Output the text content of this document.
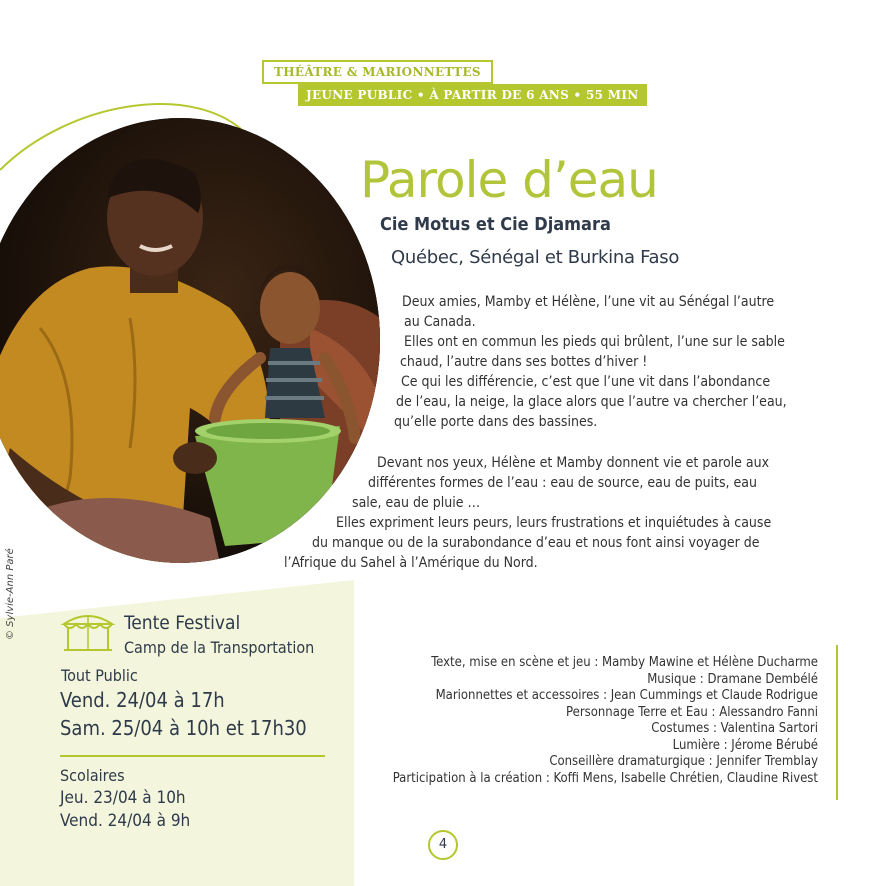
THÉÂTRE & MARIONNETTES
JEUNE PUBLIC • À PARTIR DE 6 ANS • 55 MIN
Parole d’eau
Cie Motus et Cie Djamara
Québec, Sénégal et Burkina Faso
Deux amies, Mamby et Hélène, l’une vit au Sénégal l’autre
au Canada.
Elles ont en commun les pieds qui brûlent, l’une sur le sable
chaud, l’autre dans ses bottes d’hiver !
Ce qui les différencie, c’est que l’une vit dans l’abondance
de l’eau, la neige, la glace alors que l’autre va chercher l’eau,
qu’elle porte dans des bassines.
Devant nos yeux, Hélène et Mamby donnent vie et parole aux
différentes formes de l’eau : eau de source, eau de puits, eau
sale, eau de pluie …
Elles expriment leurs peurs, leurs frustrations et inquiétudes à cause
du manque ou de la surabondance d’eau et nous font ainsi voyager de
l’Afrique du Sahel à l’Amérique du Nord.
Tente Festival
Camp de la Transportation
Tout Public
Vend. 24/04 à 17h
Sam. 25/04 à 10h et 17h30
Scolaires
Jeu. 23/04 à 10h
Vend. 24/04 à 9h
Texte, mise en scène et jeu : Mamby Mawine et Hélène Ducharme
Musique : Dramane Dembélé
Marionnettes et accessoires : Jean Cummings et Claude Rodrigue
Personnage Terre et Eau : Alessandro Fanni
Costumes : Valentina Sartori
Lumière : Jérome Bérubé
Conseillère dramaturgique : Jennifer Tremblay
Participation à la création : Koffi Mens, Isabelle Chrétien, Claudine Rivest
4
© Sylvie-Ann Paré
